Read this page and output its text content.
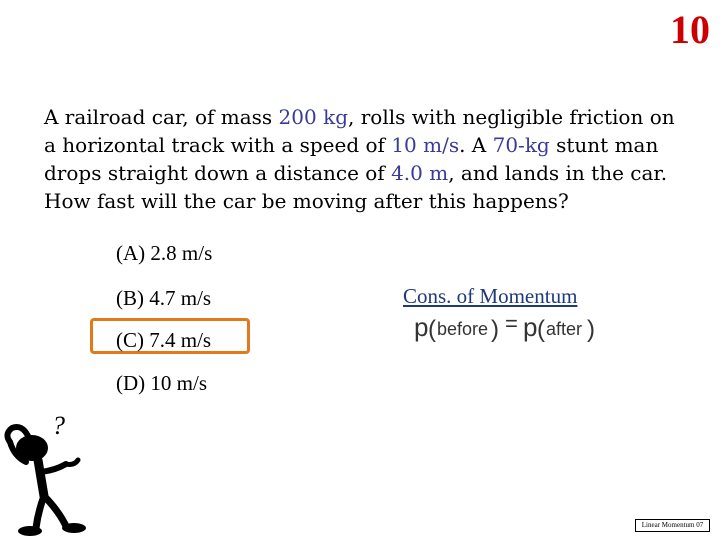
10
A railroad car, of mass 200 kg, rolls with negligible friction on a horizontal track with a speed of 10 m/s. A 70-kg stunt man drops straight down a distance of 4.0 m, and lands in the car. How fast will the car be moving after this happens?
(A) 2.8 m/s
(B) 4.7 m/s
(C) 7.4 m/s
(D) 10 m/s
Cons. of Momentum
p ( before ) = p ( after )
?
Linear Momentum 07
